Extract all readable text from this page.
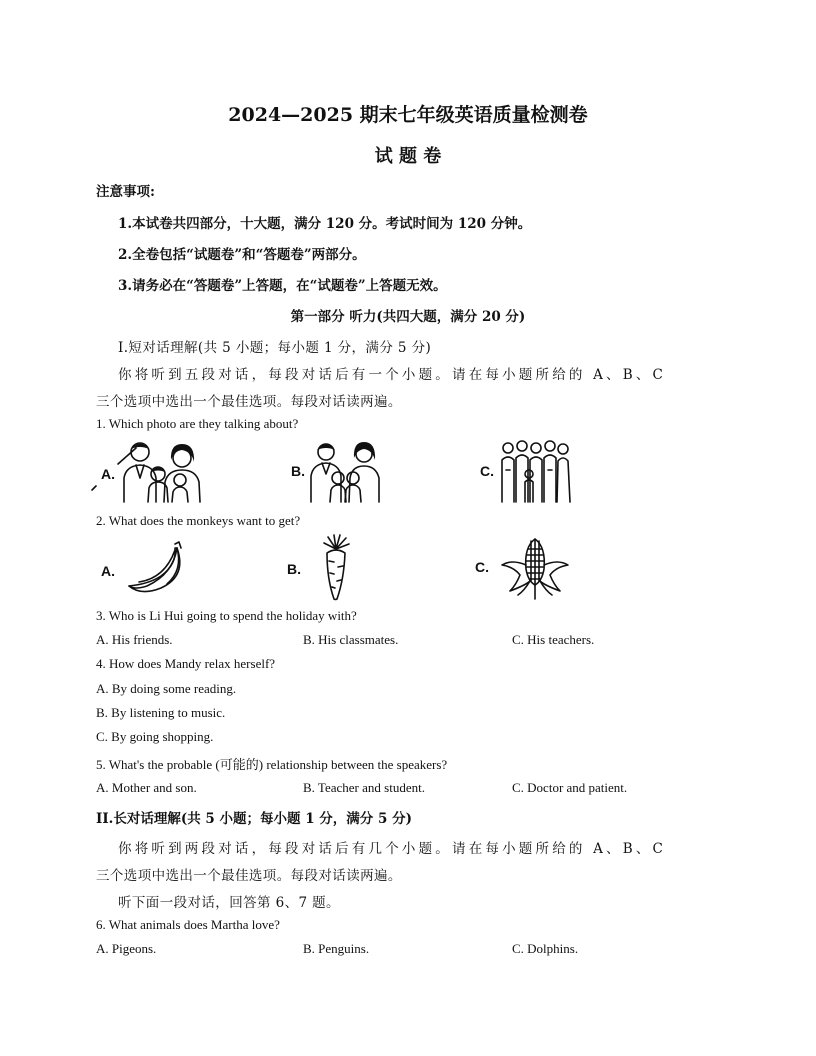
2024—2025 期末七年级英语质量检测卷
试 题 卷
注意事项:
1.本试卷共四部分，十大题，满分 120 分。考试时间为 120 分钟。
2.全卷包括“试题卷”和“答题卷”两部分。
3.请务必在“答题卷”上答题，在“试题卷”上答题无效。
第一部分 听力(共四大题，满分 20 分)
I.短对话理解(共 5 小题；每小题 1 分，满分 5 分)
你将听到五段对话，每段对话后有一个小题。请在每小题所给的 A、B、C
三个选项中选出一个最佳选项。每段对话读两遍。
1. Which photo are they talking about?
A.	B.	C.
2. What does the monkeys want to get?
A.	B.	C.
3. Who is Li Hui going to spend the holiday with?
A. His friends.	B. His classmates.	C. His teachers.
4. How does Mandy relax herself?
A. By doing some reading.
B. By listening to music.
C. By going shopping.
5. What's the probable (可能的) relationship between the speakers?
A. Mother and son.	B. Teacher and student.	C. Doctor and patient.
II.长对话理解(共 5 小题；每小题 1 分，满分 5 分)
你将听到两段对话，每段对话后有几个小题。请在每小题所给的 A、B、C
三个选项中选出一个最佳选项。每段对话读两遍。
听下面一段对话，回答第 6、7 题。
6. What animals does Martha love?
A. Pigeons.	B. Penguins.	C. Dolphins.
